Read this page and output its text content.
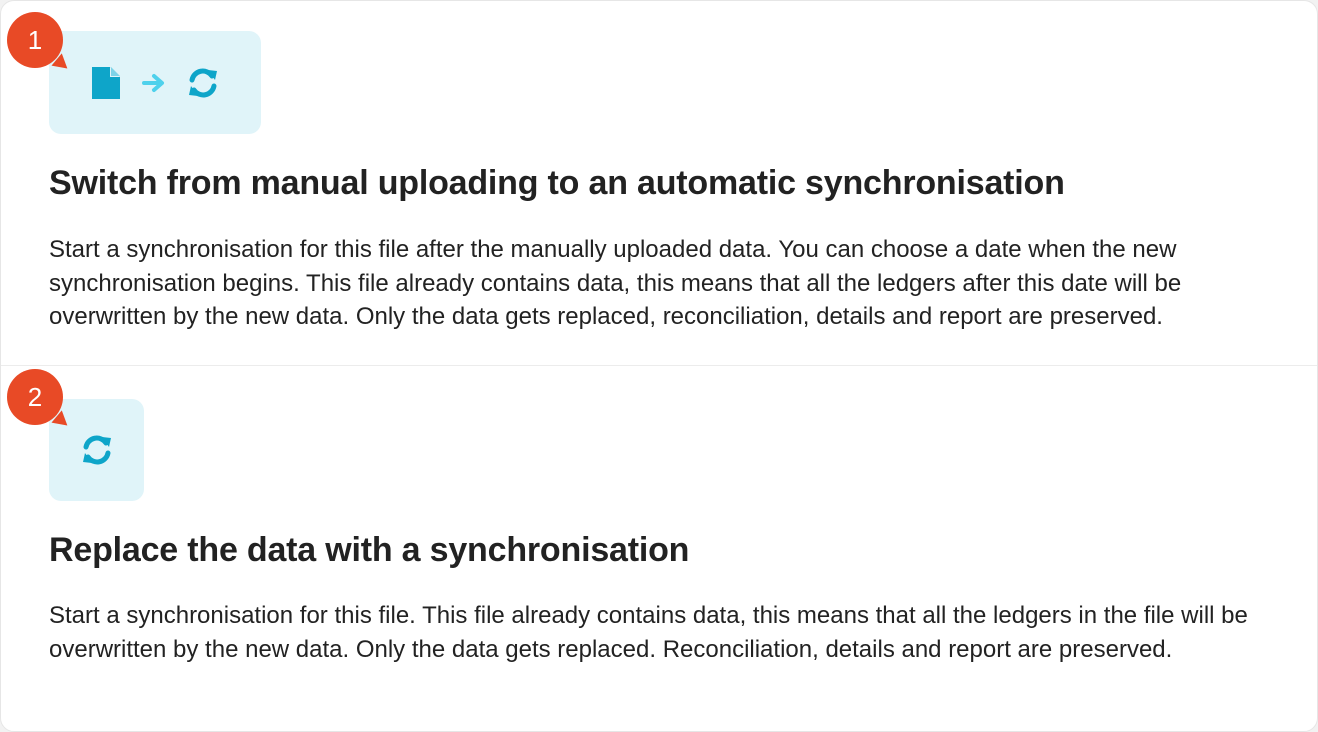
1
Switch from manual uploading to an automatic synchronisation

Start a synchronisation for this file after the manually uploaded data. You can choose a date when the new synchronisation begins. This file already contains data, this means that all the ledgers after this date will be overwritten by the new data. Only the data gets replaced, reconciliation, details and report are preserved.

2
Replace the data with a synchronisation

Start a synchronisation for this file. This file already contains data, this means that all the ledgers in the file will be overwritten by the new data. Only the data gets replaced. Reconciliation, details and report are preserved.
